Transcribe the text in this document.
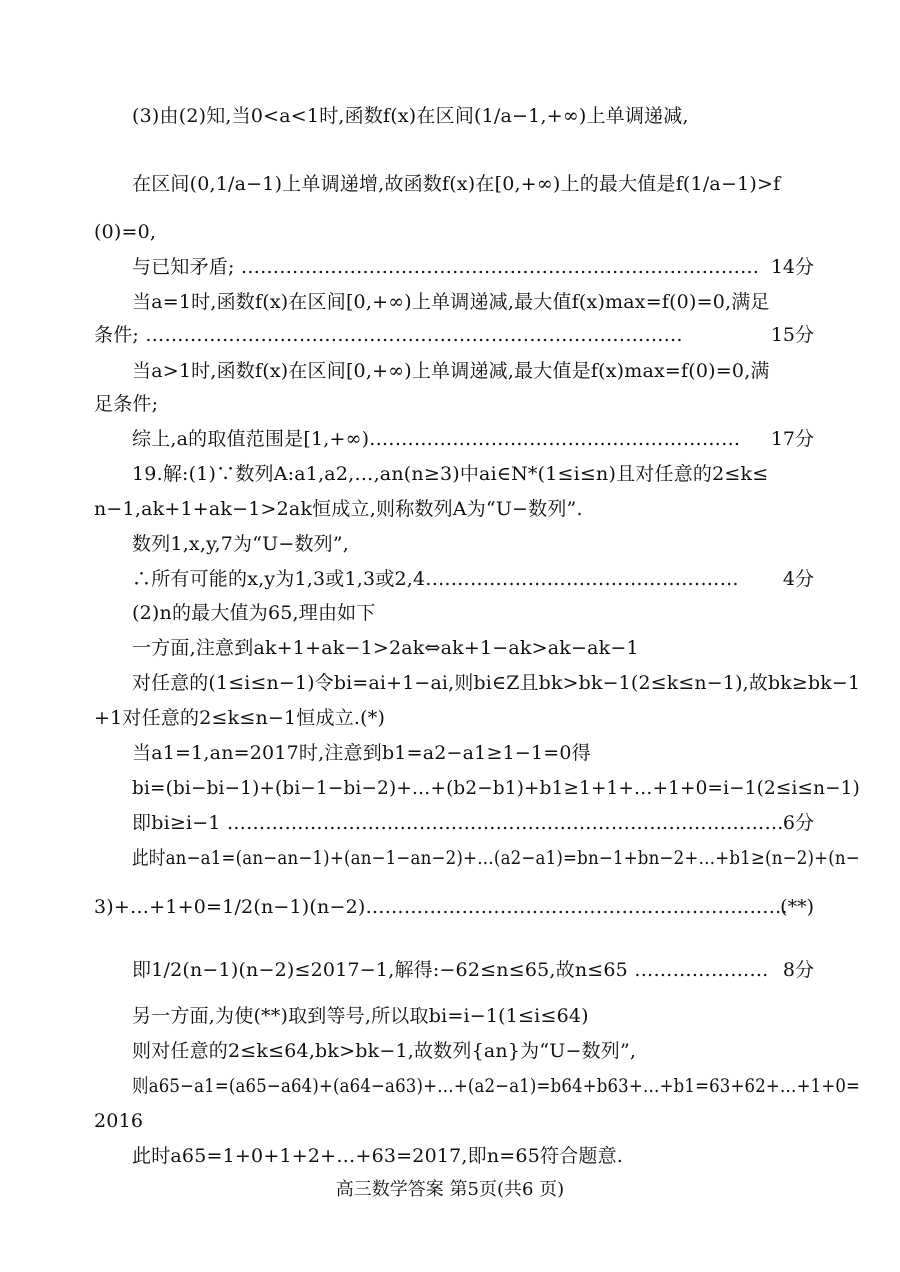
(3)由(2)知,当0<a<1时,函数f(x)在区间(1/a−1,+∞)上单调递减,
在区间(0,1/a−1)上单调递增,故函数f(x)在[0,+∞)上的最大值是f(1/a−1)>f
(0)=0,
与已知矛盾; ……………………………………………………………………… 14分
当a=1时,函数f(x)在区间[0,+∞)上单调递减,最大值f(x)max=f(0)=0,满足
条件; …………………………………………………………………………	15分
当a>1时,函数f(x)在区间[0,+∞)上单调递减,最大值是f(x)max=f(0)=0,满
足条件;
综上,a的取值范围是[1,+∞).………………………………………………… 17分
19.解:(1)∵数列A:a1,a2,…,an(n≥3)中ai∈N*(1≤i≤n)且对任意的2≤k≤
n−1,ak+1+ak−1>2ak恒成立,则称数列A为“U−数列”.
数列1,x,y,7为“U−数列”,
∴所有可能的x,y为1,3或1,3或2,4.………………………………………… 4分
(2)n的最大值为65,理由如下
一方面,注意到ak+1+ak−1>2ak⇔ak+1−ak>ak−ak−1
对任意的(1≤i≤n−1)令bi=ai+1−ai,则bi∈Z且bk>bk−1(2≤k≤n−1),故bk≥bk−1
+1对任意的2≤k≤n−1恒成立.(*)
当a1=1,an=2017时,注意到b1=a2−a1≥1−1=0得
bi=(bi−bi−1)+(bi−1−bi−2)+…+(b2−b1)+b1≥1+1+…+1+0=i−1(2≤i≤n−1)
即bi≥i−1 …………………………………………………………………………… 6分
此时an−a1=(an−an−1)+(an−1−an−2)+…(a2−a1)=bn−1+bn−2+…+b1≥(n−2)+(n−
3)+…+1+0=1/2(n−1)(n−2)…………………………………………………………
(**)
即1/2(n−1)(n−2)≤2017−1,解得:−62≤n≤65,故n≤65 ………………… 8分
另一方面,为使(**)取到等号,所以取bi=i−1(1≤i≤64)
则对任意的2≤k≤64,bk>bk−1,故数列{an}为“U−数列”,
则a65−a1=(a65−a64)+(a64−a63)+…+(a2−a1)=b64+b63+…+b1=63+62+…+1+0=
2016
此时a65=1+0+1+2+…+63=2017,即n=65符合题意.
高三数学答案 第5页(共6 页)
